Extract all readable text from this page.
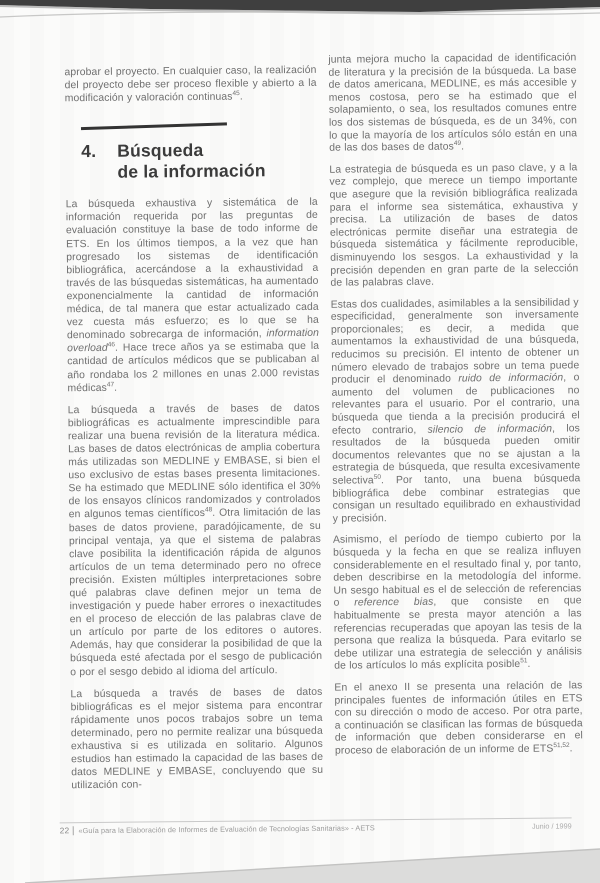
aprobar el proyecto. En cualquier caso, la realización del proyecto debe ser proceso flexible y abierto a la modificación y valoración continuas$^{45}$.

4.	Búsqueda
de la información

La búsqueda exhaustiva y sistemática de la información requerida por las preguntas de evaluación constituye la base de todo informe de ETS. En los últimos tiempos, a la vez que han progresado los sistemas de identificación bibliográfica, acercándose a la exhaustividad a través de las búsquedas sistemáticas, ha aumentado exponencialmente la cantidad de información médica, de tal manera que estar actualizado cada vez cuesta más esfuerzo; es lo que se ha denominado sobrecarga de información, information overload$^{46}$. Hace trece años ya se estimaba que la cantidad de artículos médicos que se publicaban al año rondaba los 2 millones en unas 2.000 revistas médicas$^{47}$.

La búsqueda a través de bases de datos bibliográficas es actualmente imprescindible para realizar una buena revisión de la literatura médica. Las bases de datos electrónicas de amplia cobertura más utilizadas son MEDLINE y EMBASE, si bien el uso exclusivo de estas bases presenta limitaciones. Se ha estimado que MEDLINE sólo identifica el 30% de los ensayos clínicos randomizados y controlados en algunos temas científicos$^{48}$. Otra limitación de las bases de datos proviene, paradójicamente, de su principal ventaja, ya que el sistema de palabras clave posibilita la identificación rápida de algunos artículos de un tema determinado pero no ofrece precisión. Existen múltiples interpretaciones sobre qué palabras clave definen mejor un tema de investigación y puede haber errores o inexactitudes en el proceso de elección de las palabras clave de un artículo por parte de los editores o autores. Además, hay que considerar la posibilidad de que la búsqueda esté afectada por el sesgo de publicación o por el sesgo debido al idioma del artículo.

La búsqueda a través de bases de datos bibliográficas es el mejor sistema para encontrar rápidamente unos pocos trabajos sobre un tema determinado, pero no permite realizar una búsqueda exhaustiva si es utilizada en solitario. Algunos estudios han estimado la capacidad de las bases de datos MEDLINE y EMBASE, concluyendo que su utilización con-

junta mejora mucho la capacidad de identificación de literatura y la precisión de la búsqueda. La base de datos americana, MEDLINE, es más accesible y menos costosa, pero se ha estimado que el solapamiento, o sea, los resultados comunes entre los dos sistemas de búsqueda, es de un 34%, con lo que la mayoría de los artículos sólo están en una de las dos bases de datos$^{49}$.

La estrategia de búsqueda es un paso clave, y a la vez complejo, que merece un tiempo importante que asegure que la revisión bibliográfica realizada para el informe sea sistemática, exhaustiva y precisa. La utilización de bases de datos electrónicas permite diseñar una estrategia de búsqueda sistemática y fácilmente reproducible, disminuyendo los sesgos. La exhaustividad y la precisión dependen en gran parte de la selección de las palabras clave.

Estas dos cualidades, asimilables a la sensibilidad y especificidad, generalmente son inversamente proporcionales; es decir, a medida que aumentamos la exhaustividad de una búsqueda, reducimos su precisión. El intento de obtener un número elevado de trabajos sobre un tema puede producir el denominado ruido de información, o aumento del volumen de publicaciones no relevantes para el usuario. Por el contrario, una búsqueda que tienda a la precisión producirá el efecto contrario, silencio de información, los resultados de la búsqueda pueden omitir documentos relevantes que no se ajustan a la estrategia de búsqueda, que resulta excesivamente selectiva$^{50}$. Por tanto, una buena búsqueda bibliográfica debe combinar estrategias que consigan un resultado equilibrado en exhaustividad y precisión.

Asimismo, el período de tiempo cubierto por la búsqueda y la fecha en que se realiza influyen considerablemente en el resultado final y, por tanto, deben describirse en la metodología del informe. Un sesgo habitual es el de selección de referencias o reference bias, que consiste en que habitualmente se presta mayor atención a las referencias recuperadas que apoyan las tesis de la persona que realiza la búsqueda. Para evitarlo se debe utilizar una estrategia de selección y análisis de los artículos lo más explícita posible$^{51}$.

En el anexo II se presenta una relación de las principales fuentes de información útiles en ETS con su dirección o modo de acceso. Por otra parte, a continuación se clasifican las formas de búsqueda de información que deben considerarse en el proceso de elaboración de un informe de ETS$^{51,52}$.

22 «Guía para la Elaboración de Informes de Evaluación de Tecnologías Sanitarias» - AETS	Junio / 1999
